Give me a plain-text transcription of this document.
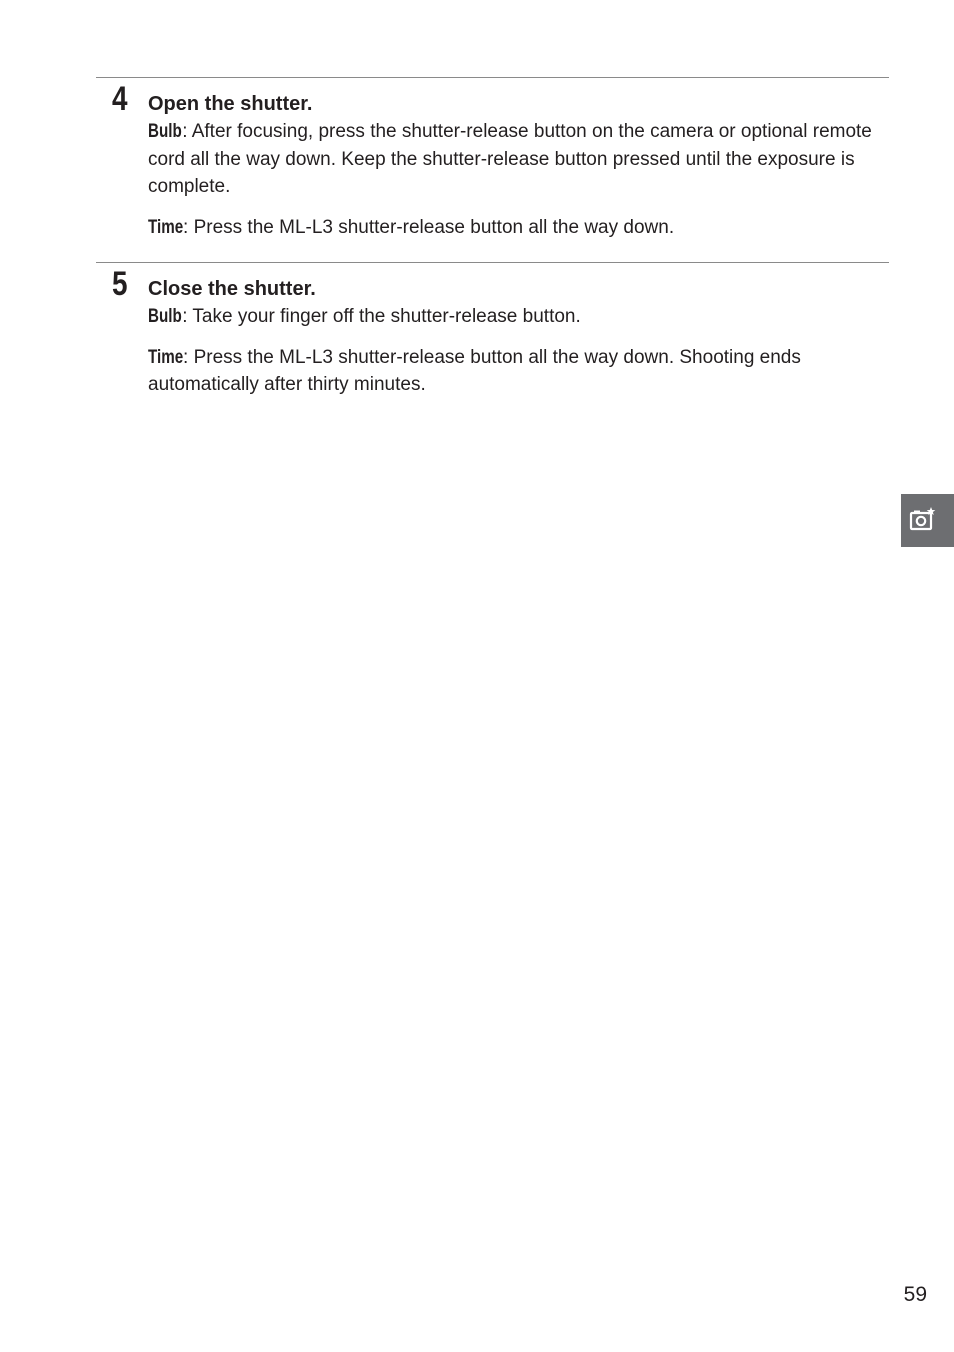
4 Open the shutter.

Bulb: After focusing, press the shutter-release button on the camera or optional remote cord all the way down. Keep the shutter-release button pressed until the exposure is complete.

Time: Press the ML-L3 shutter-release button all the way down.

5 Close the shutter.

Bulb: Take your finger off the shutter-release button.

Time: Press the ML-L3 shutter-release button all the way down. Shooting ends automatically after thirty minutes.

59
